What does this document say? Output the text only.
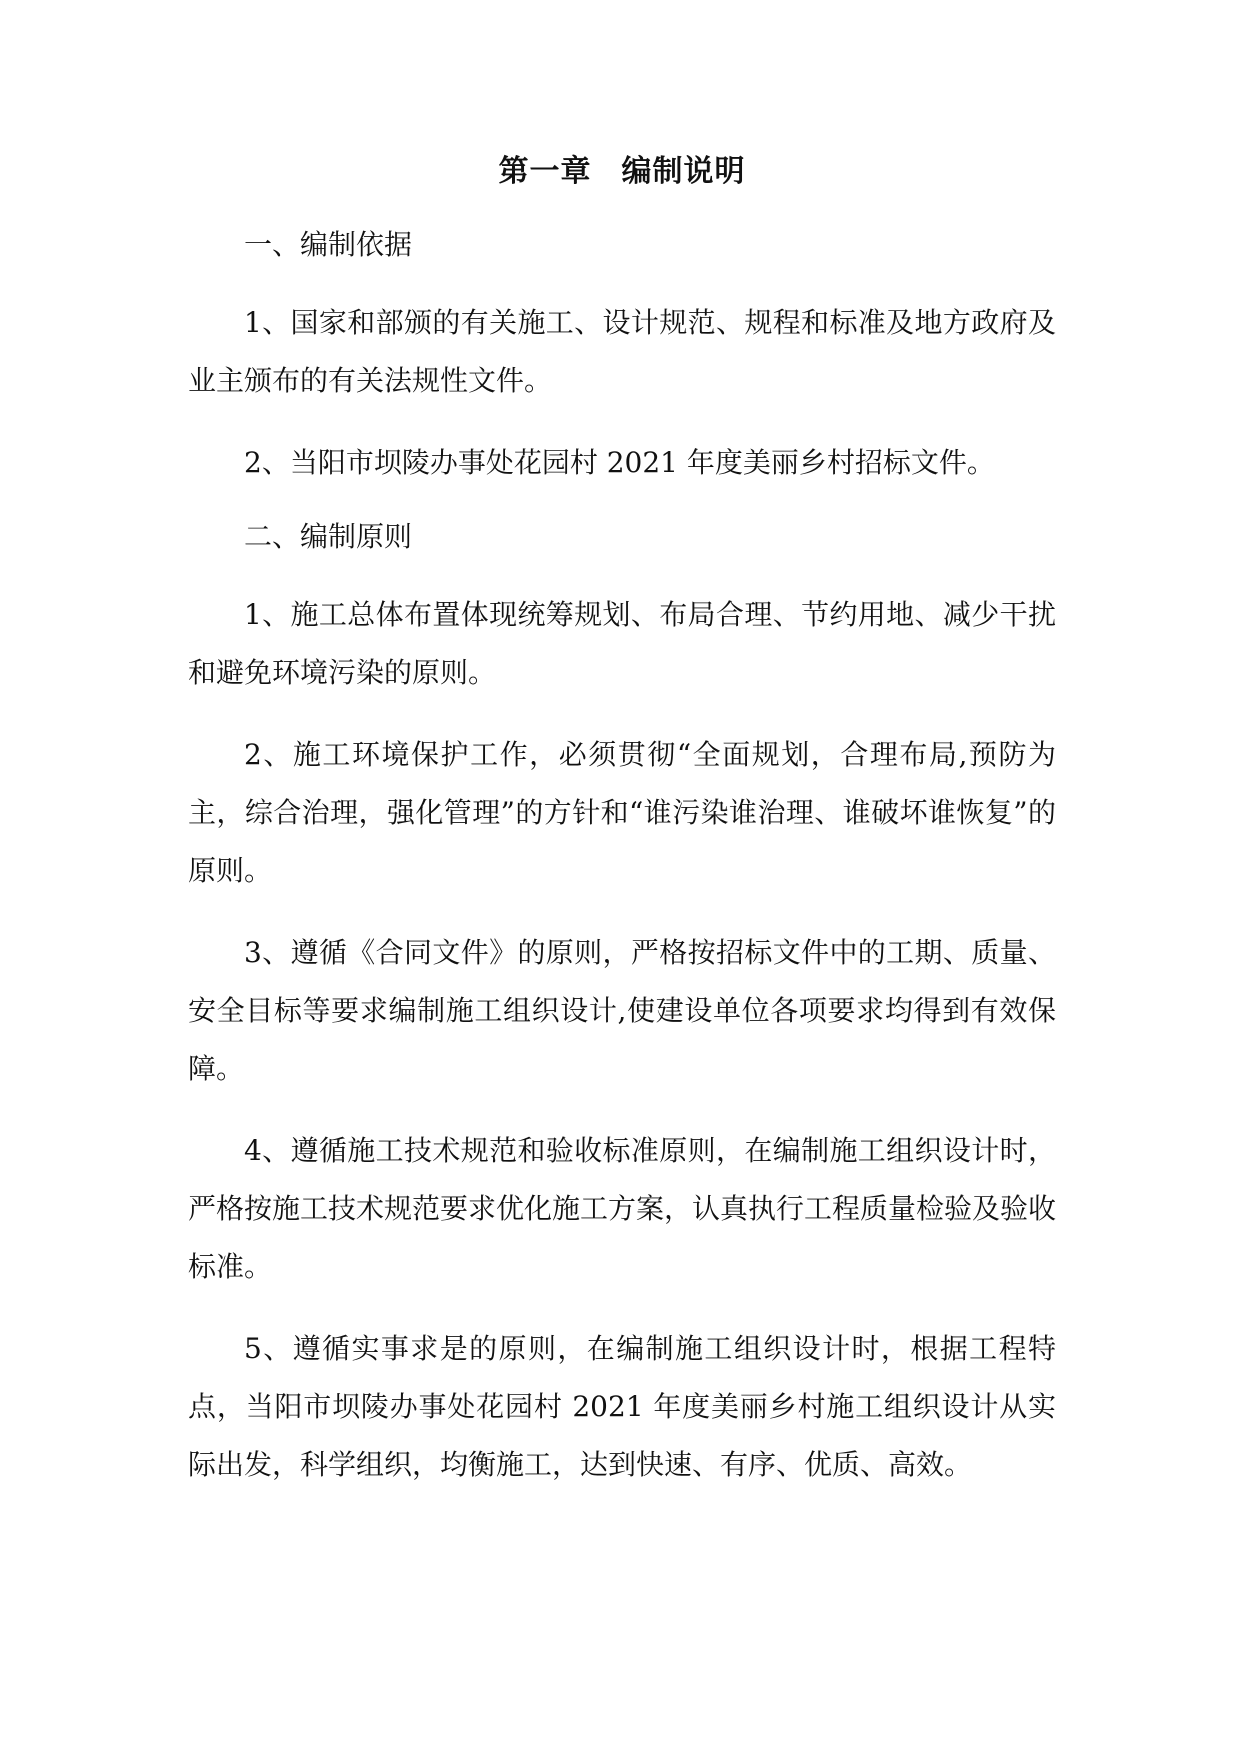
第一章 编制说明

一、编制依据

1、国家和部颁的有关施工、设计规范、规程和标准及地方政府及业主颁布的有关法规性文件。

2、当阳市坝陵办事处花园村 2021 年度美丽乡村招标文件。

二、编制原则

1、施工总体布置体现统筹规划、布局合理、节约用地、减少干扰和避免环境污染的原则。

2、施工环境保护工作，必须贯彻“全面规划，合理布局,预防为主，综合治理，强化管理”的方针和“谁污染谁治理、谁破坏谁恢复”的原则。

3、遵循《合同文件》的原则，严格按招标文件中的工期、质量、安全目标等要求编制施工组织设计,使建设单位各项要求均得到有效保障。

4、遵循施工技术规范和验收标准原则，在编制施工组织设计时，严格按施工技术规范要求优化施工方案，认真执行工程质量检验及验收标准。

5、遵循实事求是的原则，在编制施工组织设计时，根据工程特点，当阳市坝陵办事处花园村 2021 年度美丽乡村施工组织设计从实际出发，科学组织，均衡施工，达到快速、有序、优质、高效。
